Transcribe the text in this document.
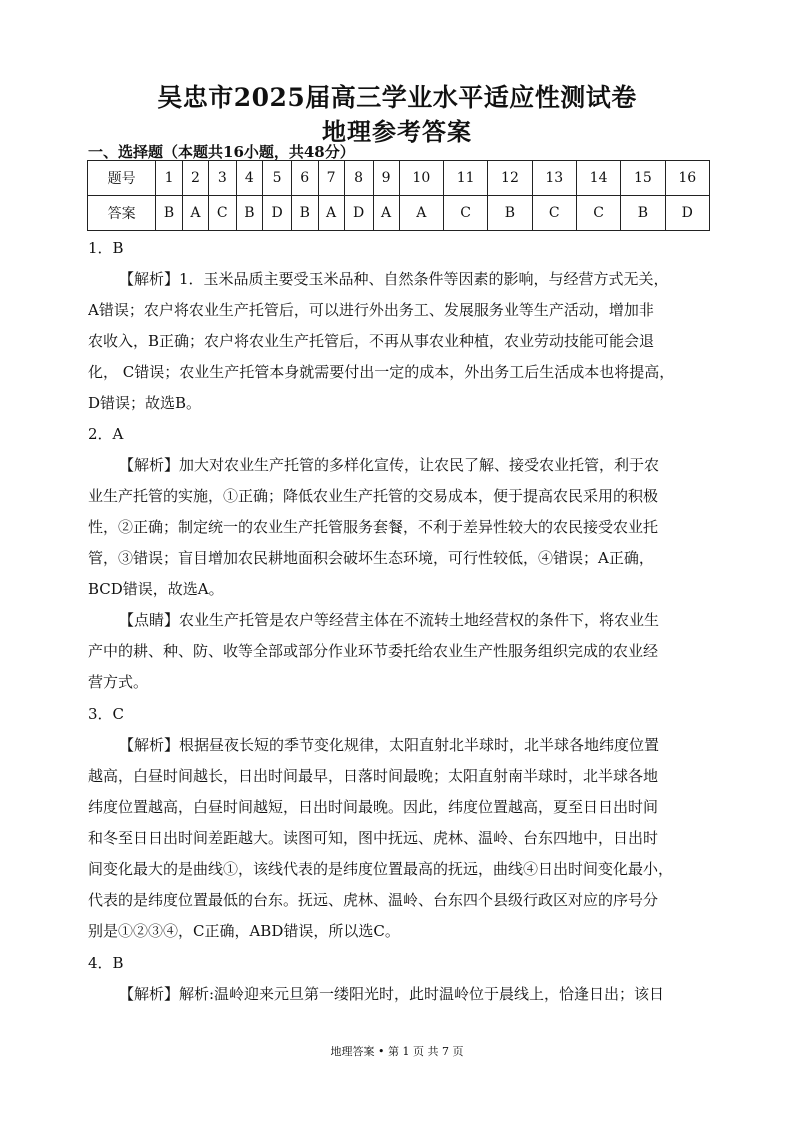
吴忠市2025届高三学业水平适应性测试卷
地理参考答案
一、选择题（本题共16小题，共48分）
题号	1	2	3	4	5	6	7	8	9	10	11	12	13	14	15	16
答案	B	A	C	B	D	B	A	D	A	A	C	B	C	C	B	D
1．B
【解析】1．玉米品质主要受玉米品种、自然条件等因素的影响，与经营方式无关，
A错误；农户将农业生产托管后，可以进行外出务工、发展服务业等生产活动，增加非
农收入，B正确；农户将农业生产托管后，不再从事农业种植，农业劳动技能可能会退
化， C错误；农业生产托管本身就需要付出一定的成本，外出务工后生活成本也将提高，
D错误；故选B。
2．A
【解析】加大对农业生产托管的多样化宣传，让农民了解、接受农业托管，利于农
业生产托管的实施，①正确；降低农业生产托管的交易成本，便于提高农民采用的积极
性，②正确；制定统一的农业生产托管服务套餐，不利于差异性较大的农民接受农业托
管，③错误；盲目增加农民耕地面积会破坏生态环境，可行性较低，④错误；A正确，
BCD错误，故选A。
【点睛】农业生产托管是农户等经营主体在不流转土地经营权的条件下，将农业生
产中的耕、种、防、收等全部或部分作业环节委托给农业生产性服务组织完成的农业经
营方式。
3．C
【解析】根据昼夜长短的季节变化规律，太阳直射北半球时，北半球各地纬度位置
越高，白昼时间越长，日出时间最早，日落时间最晚；太阳直射南半球时，北半球各地
纬度位置越高，白昼时间越短，日出时间最晚。因此，纬度位置越高，夏至日日出时间
和冬至日日出时间差距越大。读图可知，图中抚远、虎林、温岭、台东四地中，日出时
间变化最大的是曲线①，该线代表的是纬度位置最高的抚远，曲线④日出时间变化最小，
代表的是纬度位置最低的台东。抚远、虎林、温岭、台东四个县级行政区对应的序号分
别是①②③④，C正确，ABD错误，所以选C。
4．B
【解析】解析:温岭迎来元旦第一缕阳光时，此时温岭位于晨线上，恰逢日出；该日
地理答案 • 第 1 页 共 7 页
